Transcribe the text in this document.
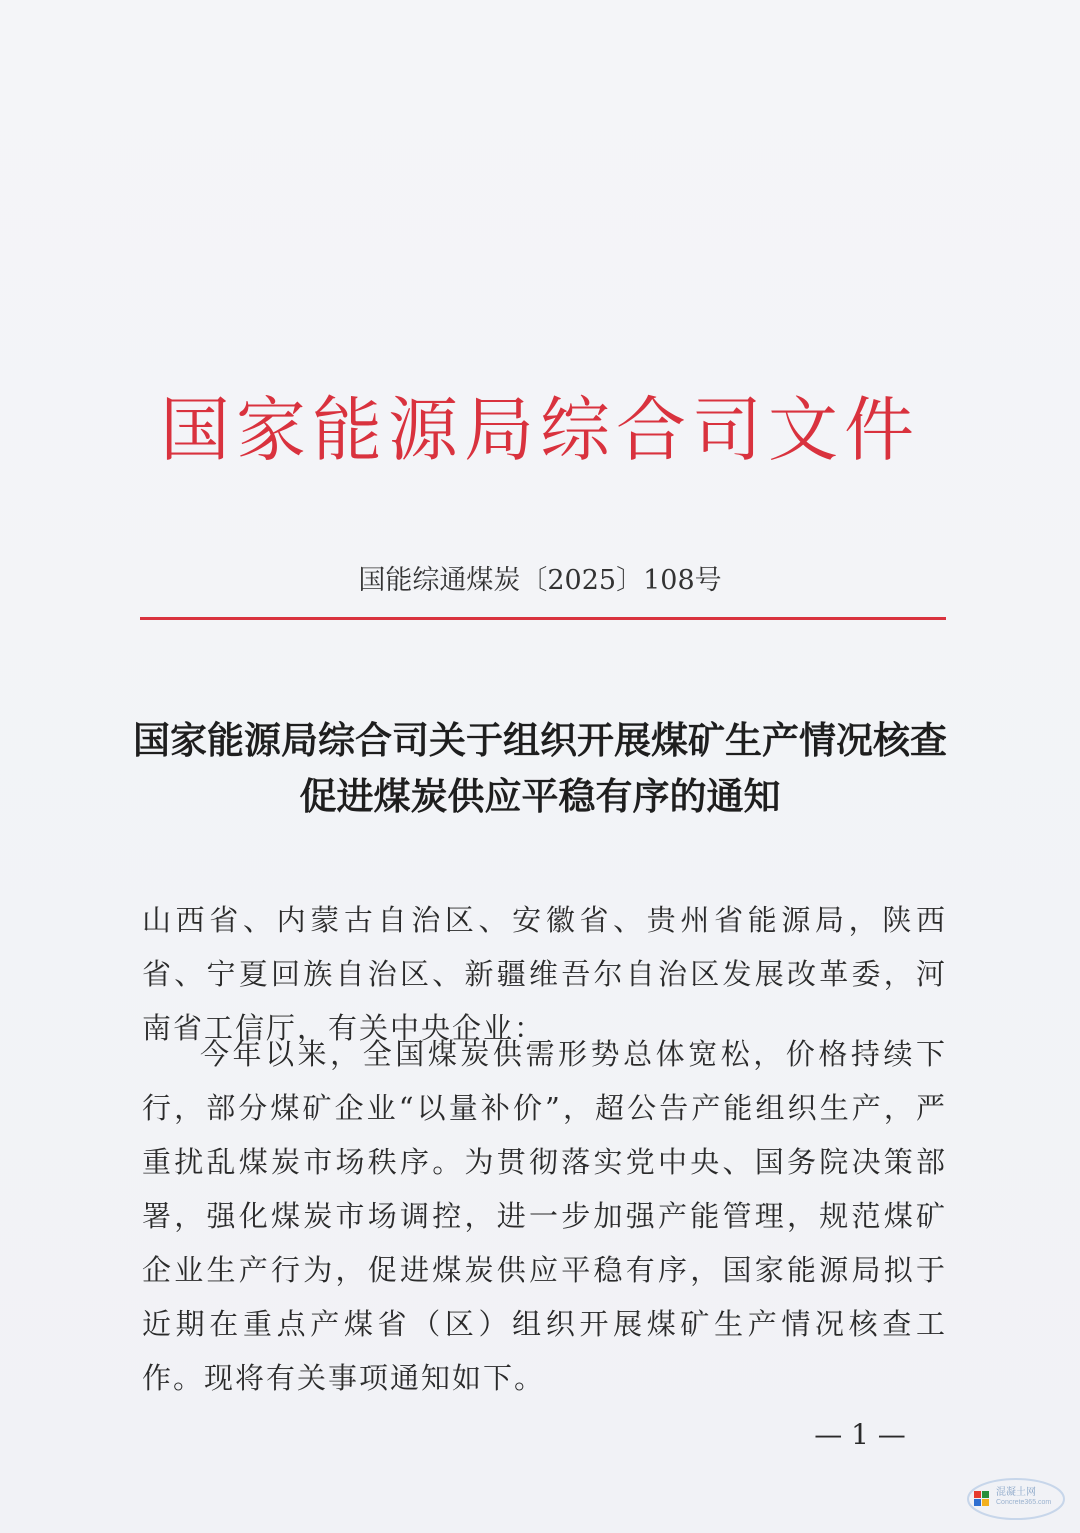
国家能源局综合司文件
国能综通煤炭〔2025〕108号
国家能源局综合司关于组织开展煤矿生产情况核查
促进煤炭供应平稳有序的通知
山西省、内蒙古自治区、安徽省、贵州省能源局，陕西省、宁夏回族自治区、新疆维吾尔自治区发展改革委，河南省工信厅，有关中央企业：
今年以来，全国煤炭供需形势总体宽松，价格持续下行，部分煤矿企业“以量补价”，超公告产能组织生产，严重扰乱煤炭市场秩序。为贯彻落实党中央、国务院决策部署，强化煤炭市场调控，进一步加强产能管理，规范煤矿企业生产行为，促进煤炭供应平稳有序，国家能源局拟于近期在重点产煤省（区）组织开展煤矿生产情况核查工作。现将有关事项通知如下。
— 1 —
混凝土网
Concrete365.com
